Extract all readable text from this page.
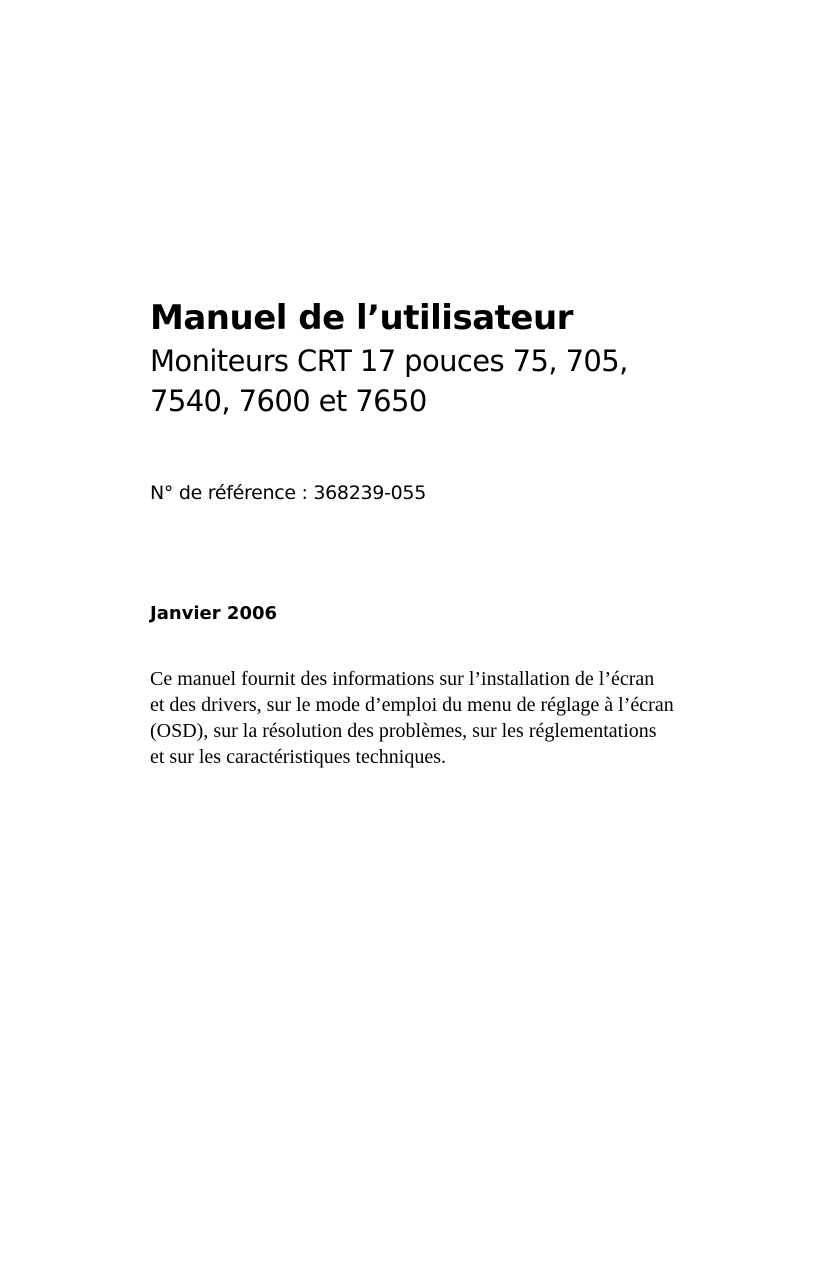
Manuel de l’utilisateur
Moniteurs CRT 17 pouces 75, 705,
7540, 7600 et 7650

N° de référence : 368239-055

Janvier 2006

Ce manuel fournit des informations sur l’installation de l’écran
et des drivers, sur le mode d’emploi du menu de réglage à l’écran
(OSD), sur la résolution des problèmes, sur les réglementations
et sur les caractéristiques techniques.
